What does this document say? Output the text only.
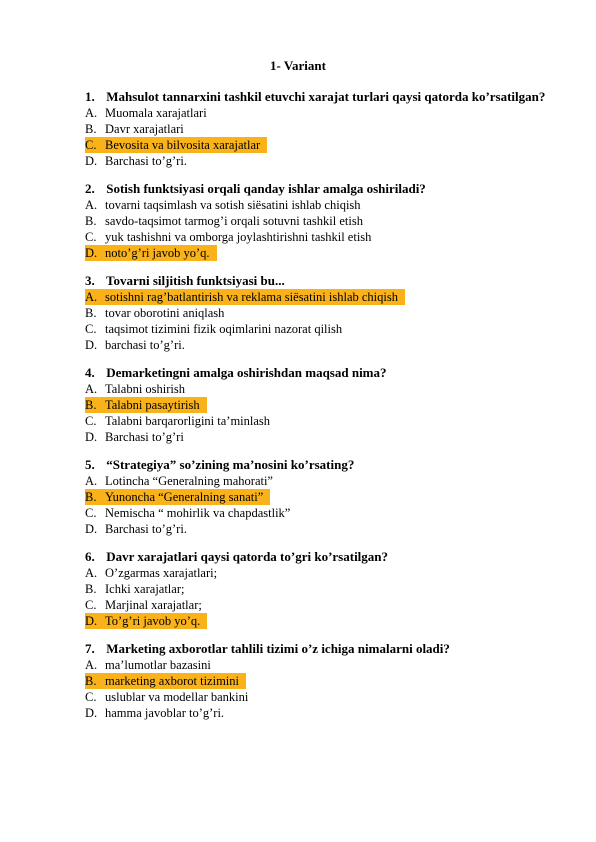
1- Variant
1. Mahsulot tannarxini tashkil etuvchi xarajat turlari qaysi qatorda ko’rsatilgan?
A. Muomala xarajatlari
B. Davr xarajatlari
C. Bevosita va bilvosita xarajatlar
D. Barchasi to’g’ri.
2. Sotish funktsiyasi orqali qanday ishlar amalga oshiriladi?
A. tovarni taqsimlash va sotish siёsatini ishlab chiqish
B. savdo-taqsimot tarmog’i orqali sotuvni tashkil etish
C. yuk tashishni va omborga joylashtirishni tashkil etish
D. noto’g’ri javob yo’q.
3. Tovarni siljitish funktsiyasi bu...
A. sotishni rag’batlantirish va reklama siёsatini ishlab chiqish
B. tovar oborotini aniqlash
C. taqsimot tizimini fizik oqimlarini nazorat qilish
D. barchasi to’g’ri.
4. Demarketingni amalga oshirishdan maqsad nima?
A. Talabni oshirish
B. Talabni pasaytirish
C. Talabni barqarorligini ta’minlash
D. Barchasi to’g’ri
5. “Strategiya” so’zining ma’nosini ko’rsating?
A. Lotincha “Generalning mahorati”
B. Yunoncha “Generalning sanati”
C. Nemischa “ mohirlik va chapdastlik”
D. Barchasi to’g’ri.
6. Davr xarajatlari qaysi qatorda to’gri ko’rsatilgan?
A. O’zgarmas xarajatlari;
B. Ichki xarajatlar;
C. Marjinal xarajatlar;
D. To’g’ri javob yo’q.
7. Marketing axborotlar tahlili tizimi o’z ichiga nimalarni oladi?
A. ma’lumotlar bazasini
B. marketing axborot tizimini
C. uslublar va modellar bankini
D. hamma javoblar to’g’ri.
